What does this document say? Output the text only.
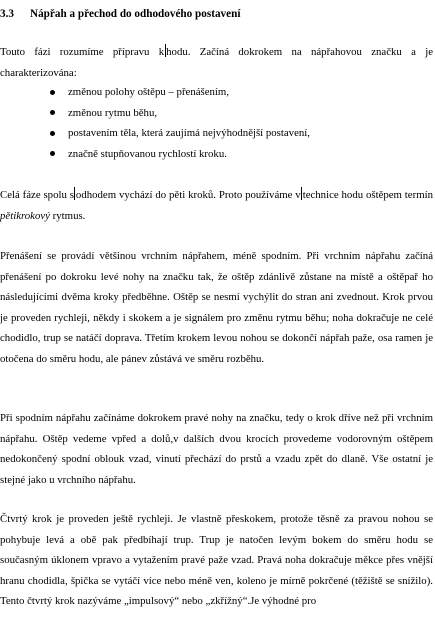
3.3 Nápřah a přechod do odhodového postavení

Touto fázi rozumíme přípravu k hodu. Začíná dokrokem na nápřahovou značku a je charakterizována:

změnou polohy oštěpu – přenášením,
změnou rytmu běhu,
postavením těla, která zaujímá nejvýhodnější postavení,
značně stupňovanou rychlostí kroku.

Celá fáze spolu s odhodem vychází do pěti kroků. Proto používáme v technice hodu oštěpem termín pětikrokový rytmus.

Přenášení se provádí většinou vrchním nápřahem, méně spodním. Při vrchním nápřahu začíná přenášení po dokroku levé nohy na značku tak, že oštěp zdánlivě zůstane na místě a oštěpař ho následujícími dvěma kroky předběhne. Oštěp se nesmí vychýlit do stran ani zvednout. Krok prvou je proveden rychleji, někdy i skokem a je signálem pro změnu rytmu běhu; noha dokračuje ne celé chodidlo, trup se natáčí doprava. Třetím krokem levou nohou se dokončí nápřah paže, osa ramen je otočena do směru hodu, ale pánev zůstává ve směru rozběhu.

Při spodním nápřahu začínáme dokrokem pravé nohy na značku, tedy o krok dříve než při vrchním nápřahu. Oštěp vedeme vpřed a dolů,v dalších dvou krocích provedeme vodorovným oštěpem nedokončený spodní oblouk vzad, vinutí přechází do prstů a vzadu zpět do dlaně. Vše ostatní je stejné jako u vrchního nápřahu.

Čtvrtý krok je proveden ještě rychleji. Je vlastně přeskokem, protože těsně za pravou nohou se pohybuje levá a obě pak předbíhají trup. Trup je natočen levým bokem do směru hodu se současným úklonem vpravo a vytažením pravé paže vzad. Pravá noha dokračuje měkce přes vnější hranu chodidla, špička se vytáčí více nebo méně ven, koleno je mírně pokrčené (těžiště se snížilo). Tento čtvrtý krok nazýváme „impulsový“ nebo „zkřížný“.Je výhodné pro
